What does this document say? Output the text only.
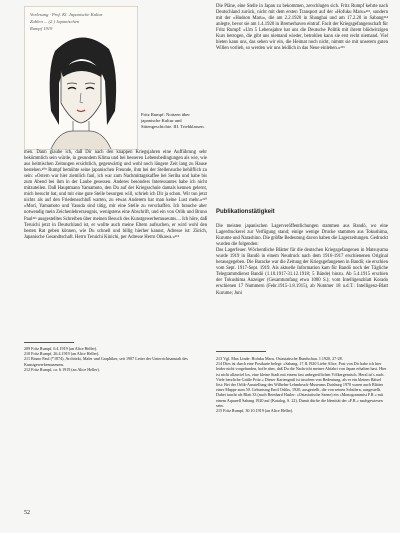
Vorlesung · Prof. Kl. Japanische Kultur
Zahlen ... (2.) Japanischen
Rumpf 1919
Fritz Rumpf: Notizen über japanische Kultur und Sittengeschichte. III. Triebklassen.

men. Dann glaube ich, daß Dir nach den knappen Kriegsjahren eine Aufführung sehr bekömmlich sein würde, in gesundem Klima und bei besseren Lebensbedingungen als wie, wie aus heimischen Zeitungen ersichtlich, gegenwärtig und wohl noch längere Zeit lang zu Hause bestehen.²⁰⁹ Rumpf bemühte seine japanischen Freunde, ihm bei der Stellensuche behilflich zu sein: »Ostern war hier ziemlich faul, ich war zum Nachmittagskaffee bei Seriba und habe bis zum Abend bei ihm in der Laube gesessen. Anderes besonders Interessantes habe ich nicht mitzuteilen. Daß Hauptmann Yamamoto, den Du auf der Kriegsschule damals kennen gelernt, mich besucht hat, und mir eine gute Stelle besorgen will, schrieb ich Dir ja schon. Wir tun jetzt nichts als auf den Friedensschluß warten, zu etwas Anderem hat man keine Lust mehr.«²¹⁰ »Morí, Yamamoto und Yasuda sind tätig, mir eine Stelle zu verschaffen. Ich brauche aber notwendig mein Zeichenlehrerzeugnis, wenigstens eine Abschrift, und ein von Orlik und Bruno Paul²¹¹ ausgestelltes Schreiben über meinen Besuch des Kunstgewerbemuseums.... Ich höre, daß Teruichi jetzt in Deutschland ist, er wollte auch meine Eltern aufsuchen, er wird wohl den besten Rat geben können, wie Du schnell und billig hierher kannst, Adresse ist: Zürich, Japanische Gesandtschaft. Herrn Teruichi Kinichi, per Adresse Herrn Oikawa.«²¹²

209 Fritz Rumpf, 6.4.1919 (an Alice Heller).
210 Fritz Rumpf, 26.4.1919 (an Alice Heller).
211 Bruno Paul (*1874), Architekt, Maler und Graphiker, seit 1907 Leiter der Unterrichtsanstalt des Kunstgewerbemuseums.
212 Fritz Rumpf, ca. 6.1919 (an Alice Heller).

Die Pläne, eine Stelle in Japan zu bekommen, zerschlugen sich. Fritz Rumpf kehrte nach Deutschland zurück, nicht mit dem ersten Transport auf der »Hofuku Maru«²¹³, sondern mit der »Hudson Maru«, die am 2.2.1920 in Shanghai und am 17.2.20 in Sabang²¹⁴ anlegte, bevor sie am 1.4.1920 in Bremerhaven eintraf. Facit der Kriegsgefangenschaft für Fritz Rumpf: »Um 5 Lebensjahre hat uns die Deutsche Politik mit ihrem blödwitzigen Kurs betrogen, die gibt uns niemand wieder, betrohlen kann sie erst recht niemand. Viel bieten kann uns, das sehen wir ein, die Heimat noch nicht, nimmt sie mit unserem guten Willen vorlieb, so werden wir uns leidlich in das Neue einleben.«²¹⁵

Publikationstätigkeit

Die meisten japanischen Lagerveröffentlichungen stammen aus Bandō, wo eine Lagerdruckerei zur Verfügung stand; einige wenige Drucke stammen aus Tokushima, Kurume und Narashino. Die größte Bedeutung davon haben die Lagerzeitungen. Gedruckt wurden die folgenden:

Das Lagerfeuer. Wöchentliche Blätter für die deutschen Kriegsgefangenen in Matsuyama wurde 1919 in Bandō in einem Neudruck nach dem 1916-1917 erschienenen Original herausgegeben. Die Baracke war die Zeitung der Kriegsgefangenen in Bandō; sie erschien vom Sept. 1917-Sept. 1919. Als aktuelle Information kam für Bandō noch der Tägliche Telegrammdienst Bandō (1.10.1917-31.12.1918; 5 Bände) hinzu. Ab 5.4.1915 erschien der Tokushima Anzeiger (Gesamtumfang etwa 1000 S.); vom Intelligenzblatt Korado erschienen 17 Nummern (Febr.1915-1.8.1915), ab Nummer 18 u.d.T.: Intelligenz-Blatt Kurume; Juni

213 Vgl. Max Linde: Hofuku Maru. Ostasiatische Rundschau. 1.1920, 27-28.
214 Dies ist durch eine Postkarte belegt: »Sabang, 17.II.1920 Liebe Alice, Post von Dir habe ich hier leider nicht vorgefunden, hoffe aber, daß Du die Nachricht meiner Abfahrt von Japan erhalten hast. Hier ist nicht allzuviel los, eine kleine Stadt mit einem fast unbegreiflichen Völkergemisch. Herzl.ist's auch. Viele herzliche Grüße Fritz.« Dieser Kartengruß ist insofern von Bedeutung, als er ein kleines Rätsel löst: Bei der Orlik-Ausstellung des Wilhelm-Lehmbruck-Museums Duisburg 1970 waren auch Blätter einer Mappe zum 50. Geburtstag Emil Orliks, 1920, ausgestellt, die von seinen Schülern, ausgestellt. Dabei taucht als Blatt 33 (nach Bernhard Hasler: »Ostasiatische Szene) ein »Monogrammist F.R.« mit einem Aquarell Sabang 1920 auf (Katalog, S. 22). Damit dürfte die Identität der »F.R.« nachgewiesen sein.
215 Fritz Rumpf, 30.10.1919 (an Alice Heller).
52
